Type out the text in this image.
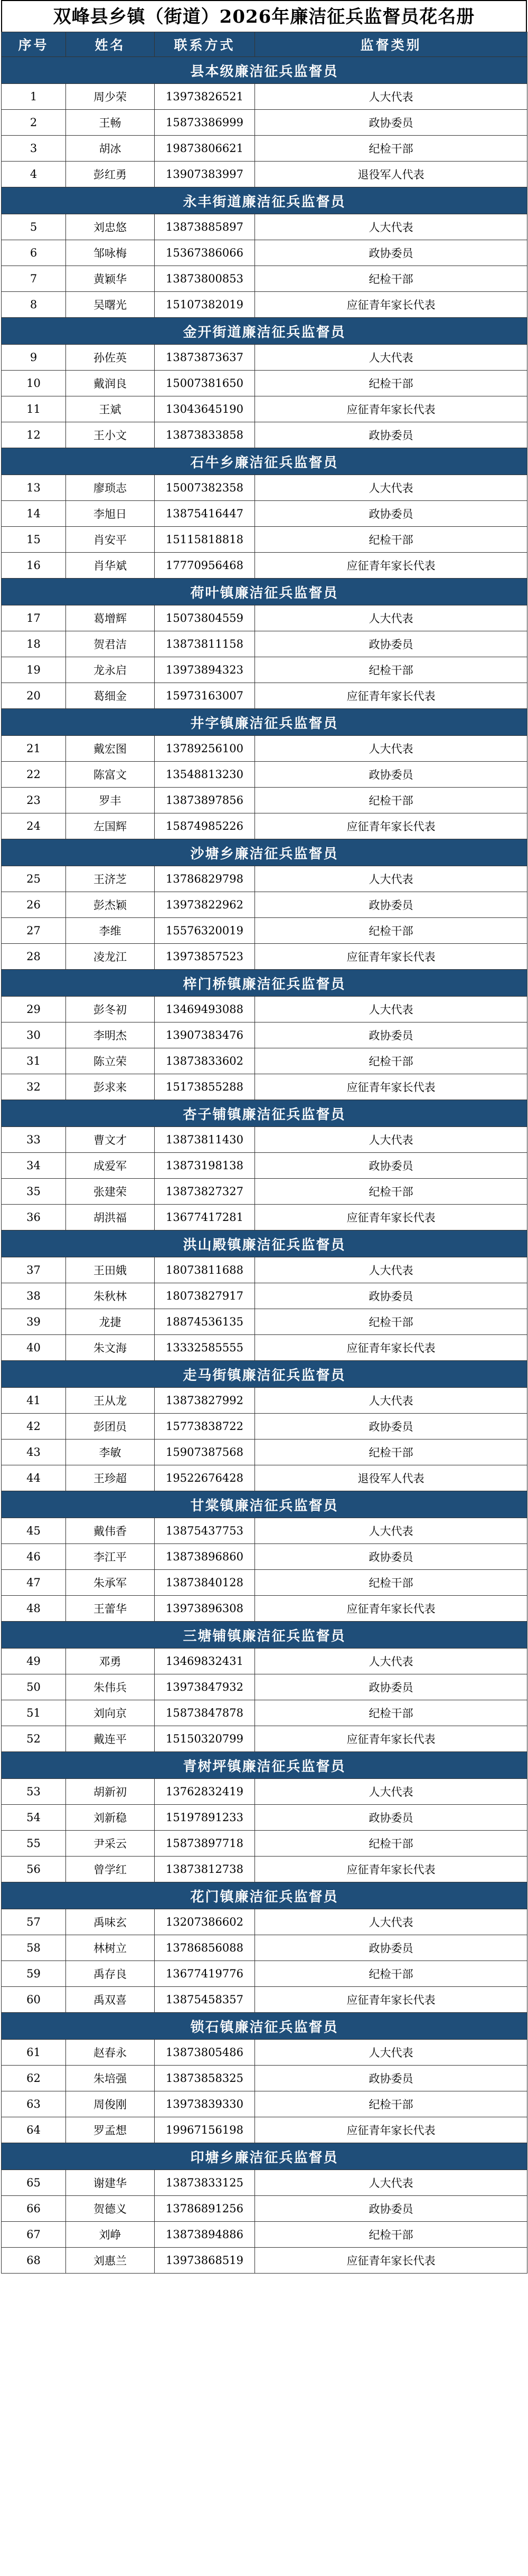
双峰县乡镇（街道）2026年廉洁征兵监督员花名册
序号	姓名	联系方式	监督类别
县本级廉洁征兵监督员			
1	周少荣	13973826521	人大代表
2	王畅	15873386999	政协委员
3	胡冰	19873806621	纪检干部
4	彭红勇	13907383997	退役军人代表
永丰街道廉洁征兵监督员			
5	刘忠悠	13873885897	人大代表
6	邹咏梅	15367386066	政协委员
7	黄颖华	13873800853	纪检干部
8	吴曙光	15107382019	应征青年家长代表
金开街道廉洁征兵监督员			
9	孙佐英	13873873637	人大代表
10	戴润良	15007381650	纪检干部
11	王斌	13043645190	应征青年家长代表
12	王小文	13873833858	政协委员
石牛乡廉洁征兵监督员			
13	廖琐志	15007382358	人大代表
14	李旭日	13875416447	政协委员
15	肖安平	15115818818	纪检干部
16	肖华斌	17770956468	应征青年家长代表
荷叶镇廉洁征兵监督员			
17	葛增辉	15073804559	人大代表
18	贺君洁	13873811158	政协委员
19	龙永启	13973894323	纪检干部
20	葛细金	15973163007	应征青年家长代表
井字镇廉洁征兵监督员			
21	戴宏图	13789256100	人大代表
22	陈富文	13548813230	政协委员
23	罗丰	13873897856	纪检干部
24	左国辉	15874985226	应征青年家长代表
沙塘乡廉洁征兵监督员			
25	王济芝	13786829798	人大代表
26	彭杰颖	13973822962	政协委员
27	李维	15576320019	纪检干部
28	凌龙江	13973857523	应征青年家长代表
梓门桥镇廉洁征兵监督员			
29	彭冬初	13469493088	人大代表
30	李明杰	13907383476	政协委员
31	陈立荣	13873833602	纪检干部
32	彭求来	15173855288	应征青年家长代表
杏子铺镇廉洁征兵监督员			
33	曹文才	13873811430	人大代表
34	成爱军	13873198138	政协委员
35	张建荣	13873827327	纪检干部
36	胡洪福	13677417281	应征青年家长代表
洪山殿镇廉洁征兵监督员			
37	王田娥	18073811688	人大代表
38	朱秋林	18073827917	政协委员
39	龙捷	18874536135	纪检干部
40	朱文海	13332585555	应征青年家长代表
走马街镇廉洁征兵监督员			
41	王从龙	13873827992	人大代表
42	彭团员	15773838722	政协委员
43	李敏	15907387568	纪检干部
44	王珍超	19522676428	退役军人代表
甘棠镇廉洁征兵监督员			
45	戴伟香	13875437753	人大代表
46	李江平	13873896860	政协委员
47	朱承军	13873840128	纪检干部
48	王蕾华	13973896308	应征青年家长代表
三塘铺镇廉洁征兵监督员			
49	邓勇	13469832431	人大代表
50	朱伟兵	13973847932	政协委员
51	刘向京	15873847878	纪检干部
52	戴连平	15150320799	应征青年家长代表
青树坪镇廉洁征兵监督员			
53	胡新初	13762832419	人大代表
54	刘新稳	15197891233	政协委员
55	尹采云	15873897718	纪检干部
56	曾学红	13873812738	应征青年家长代表
花门镇廉洁征兵监督员			
57	禹味玄	13207386602	人大代表
58	林树立	13786856088	政协委员
59	禹存良	13677419776	纪检干部
60	禹双喜	13875458357	应征青年家长代表
锁石镇廉洁征兵监督员			
61	赵春永	13873805486	人大代表
62	朱培强	13873858325	政协委员
63	周俊刚	13973839330	纪检干部
64	罗孟想	19967156198	应征青年家长代表
印塘乡廉洁征兵监督员			
65	谢建华	13873833125	人大代表
66	贺德义	13786891256	政协委员
67	刘峥	13873894886	纪检干部
68	刘惠兰	13973868519	应征青年家长代表
